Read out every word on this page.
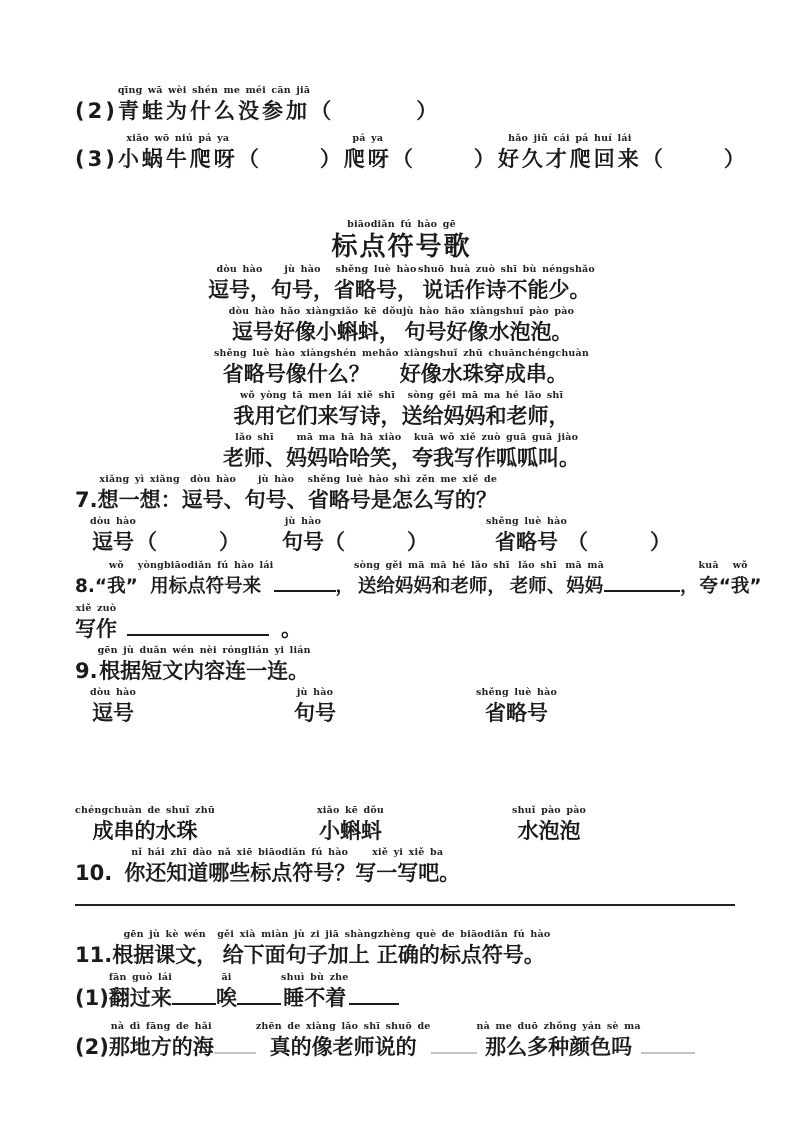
(2)
qīng wā wèi shén me méi cān jiā
青蛙为什么没参加 （	）
(3)
xiǎo wō niú pá ya
小蜗牛爬呀 （	）
pá ya
爬呀 （	）
hǎo jiǔ cái pá huí lái
好久才爬回来 （	）
biāodiǎn fú hào gē
标点符号歌
dòu hào
逗号，
jù hào
句号，
shěng luè hào
省略号，
shuō huà zuò shī bù néngshǎo
说话作诗不能少。
dòu hào hǎo xiàngxiǎo kē dǒu
逗号好像小蝌蚪，
jù hào hǎo xiàngshuǐ pào pào
句号好像水泡泡。
shěng luè hào xiàngshén me
省略号像什么？
hǎo xiàngshuǐ zhū chuānchéngchuàn
好像水珠穿成串。
wǒ yòng tā men lái xiě shī
我用它们来写诗，
sòng gěi mā ma hé lǎo shī
送给妈妈和老师，
lǎo shī
老师、
mā ma hā hā xiào
妈妈哈哈笑，
kuā wǒ xiě zuò guā guā jiào
夸我写作呱呱叫。
7.
xiǎng yì xiǎng
想一想：
dòu hào
逗号、
jù hào
句号、
shěng luè hào shì zěn me xiě de
省略号是怎么写的？
dòu hào
逗号 （	）
jù hào
句号 （	）
shěng luè hào
省略号 （	）
8.
wǒ
“我”
yòngbiāodiǎn fú hào lái
用标点符号来	，
sòng gěi mā mā hé lǎo shī
送给妈妈和老师，
lǎo shī
老师、
mā mā
妈妈	，
kuā
夸
wǒ
“我”
xiě zuò
写作	。
9.
gēn jù duǎn wén nèi rónglián yi lián
根据短文内容连一连。
dòu hào
逗号
jù hào
句号
shěng luè hào
省略号
chéngchuàn de shuǐ zhū
成串的水珠
xiǎo kē dǒu
小蝌蚪
shuǐ pào pào
水泡泡
10.
nǐ hái zhī dào nǎ xiē biāodiǎn fú hào
你还知道哪些标点符号？
xiě yi xiě ba
写一写吧。
11.
gēn jù kè wén
根据课文，
gěi xià miàn jù zi jiā shàngzhèng què de biāodiǎn fú hào
给下面句子加上 正确的标点符号。
(1)
fān guò lái
翻过来
āi
唉
shuì bù zhe
睡不着
(2)
nà dì fāng de hǎi
那地方的海
zhēn de xiàng lǎo shī shuō de
真的像老师说的
nà me duō zhǒng yán sè ma
那么多种颜色吗
